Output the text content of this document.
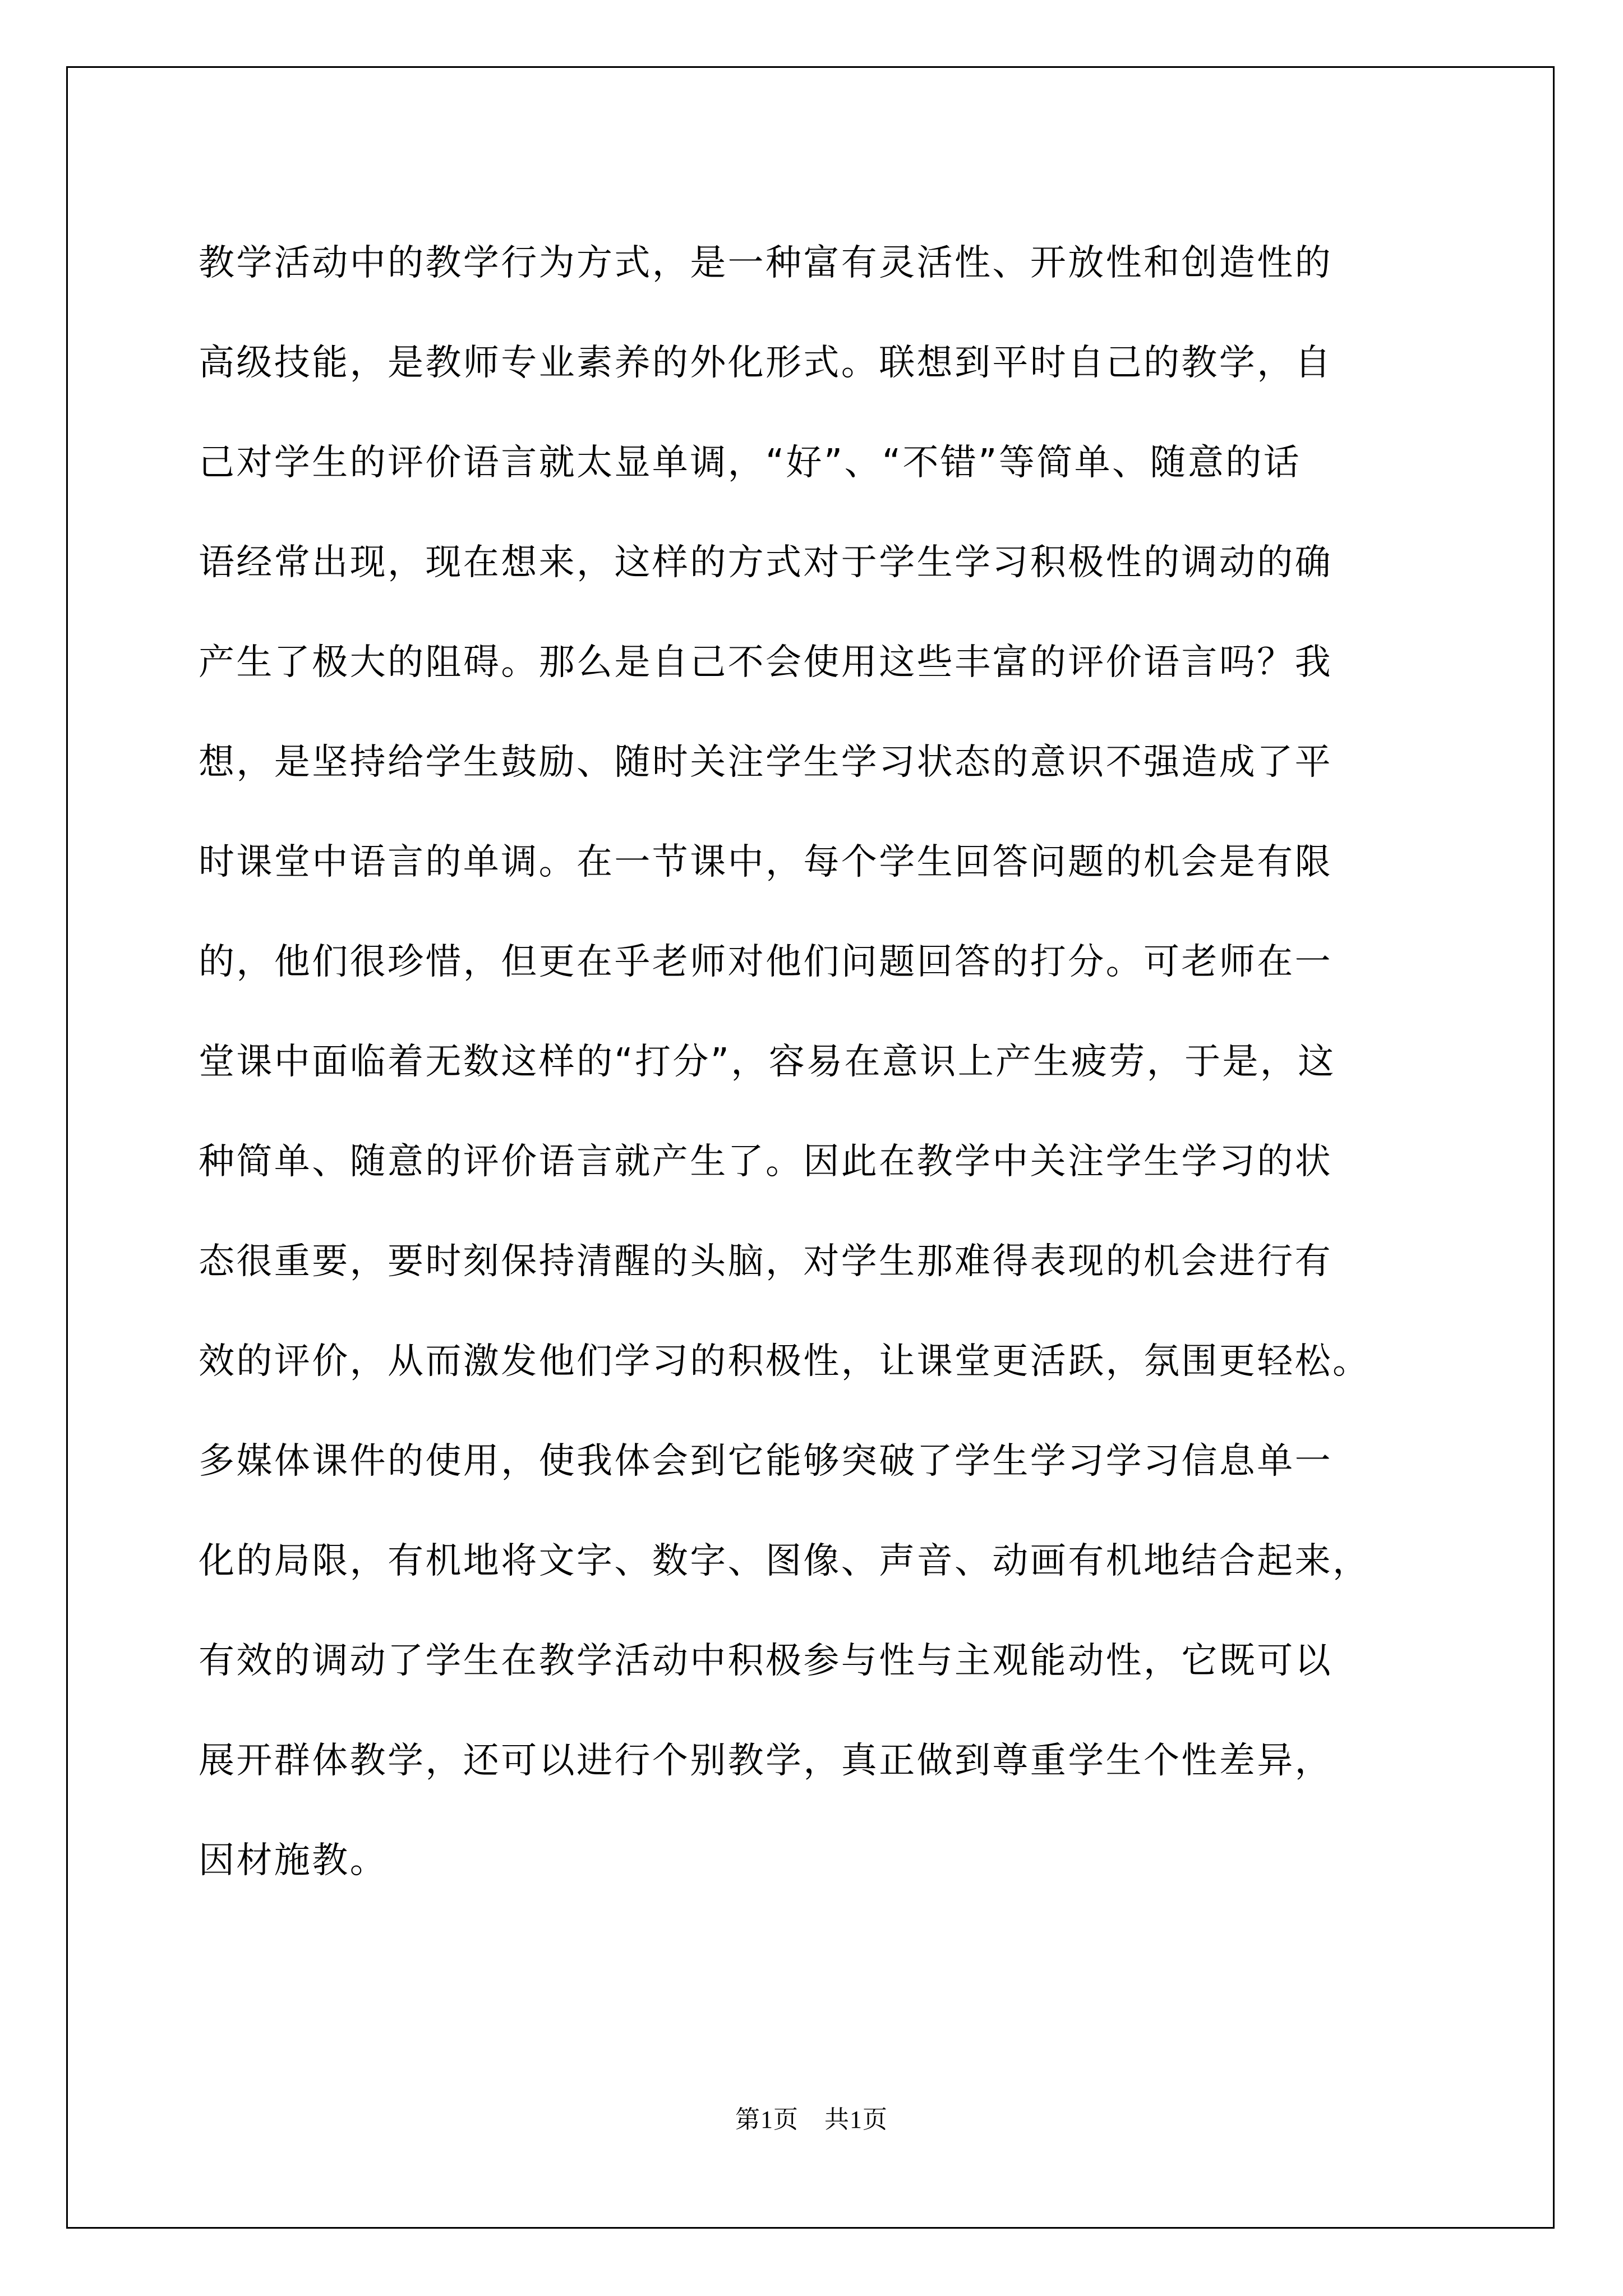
教学活动中的教学行为方式，是一种富有灵活性、开放性和创造性的
高级技能，是教师专业素养的外化形式。联想到平时自己的教学，自
己对学生的评价语言就太显单调，“好”、“不错”等简单、随意的话
语经常出现，现在想来，这样的方式对于学生学习积极性的调动的确
产生了极大的阻碍。那么是自己不会使用这些丰富的评价语言吗？我
想，是坚持给学生鼓励、随时关注学生学习状态的意识不强造成了平
时课堂中语言的单调。在一节课中，每个学生回答问题的机会是有限
的，他们很珍惜，但更在乎老师对他们问题回答的打分。可老师在一
堂课中面临着无数这样的“打分”，容易在意识上产生疲劳，于是，这
种简单、随意的评价语言就产生了。因此在教学中关注学生学习的状
态很重要，要时刻保持清醒的头脑，对学生那难得表现的机会进行有
效的评价，从而激发他们学习的积极性，让课堂更活跃，氛围更轻松。
多媒体课件的使用，使我体会到它能够突破了学生学习学习信息单一
化的局限，有机地将文字、数字、图像、声音、动画有机地结合起来，
有效的调动了学生在教学活动中积极参与性与主观能动性，它既可以
展开群体教学，还可以进行个别教学，真正做到尊重学生个性差异，
因材施教。
第1页 共1页
